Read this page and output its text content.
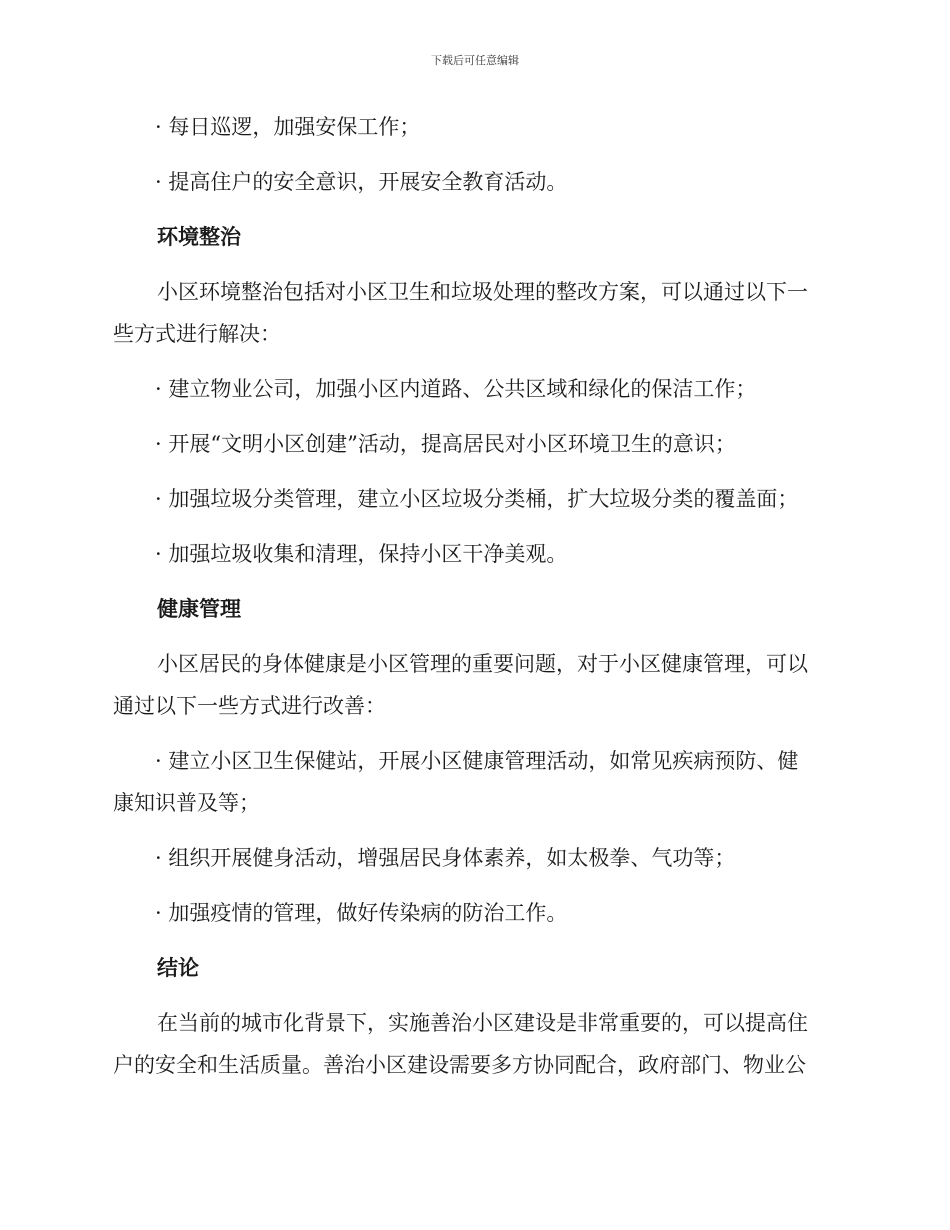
下载后可任意编辑

· 每日巡逻，加强安保工作；

· 提高住户的安全意识，开展安全教育活动。

环境整治

小区环境整治包括对小区卫生和垃圾处理的整改方案，可以通过以下一

些方式进行解决：

· 建立物业公司，加强小区内道路、公共区域和绿化的保洁工作；

· 开展“文明小区创建”活动，提高居民对小区环境卫生的意识；

· 加强垃圾分类管理，建立小区垃圾分类桶，扩大垃圾分类的覆盖面；

· 加强垃圾收集和清理，保持小区干净美观。

健康管理

小区居民的身体健康是小区管理的重要问题，对于小区健康管理，可以

通过以下一些方式进行改善：

· 建立小区卫生保健站，开展小区健康管理活动，如常见疾病预防、健

康知识普及等；

· 组织开展健身活动，增强居民身体素养，如太极拳、气功等；

· 加强疫情的管理，做好传染病的防治工作。

结论

在当前的城市化背景下，实施善治小区建设是非常重要的，可以提高住

户的安全和生活质量。善治小区建设需要多方协同配合，政府部门、物业公
